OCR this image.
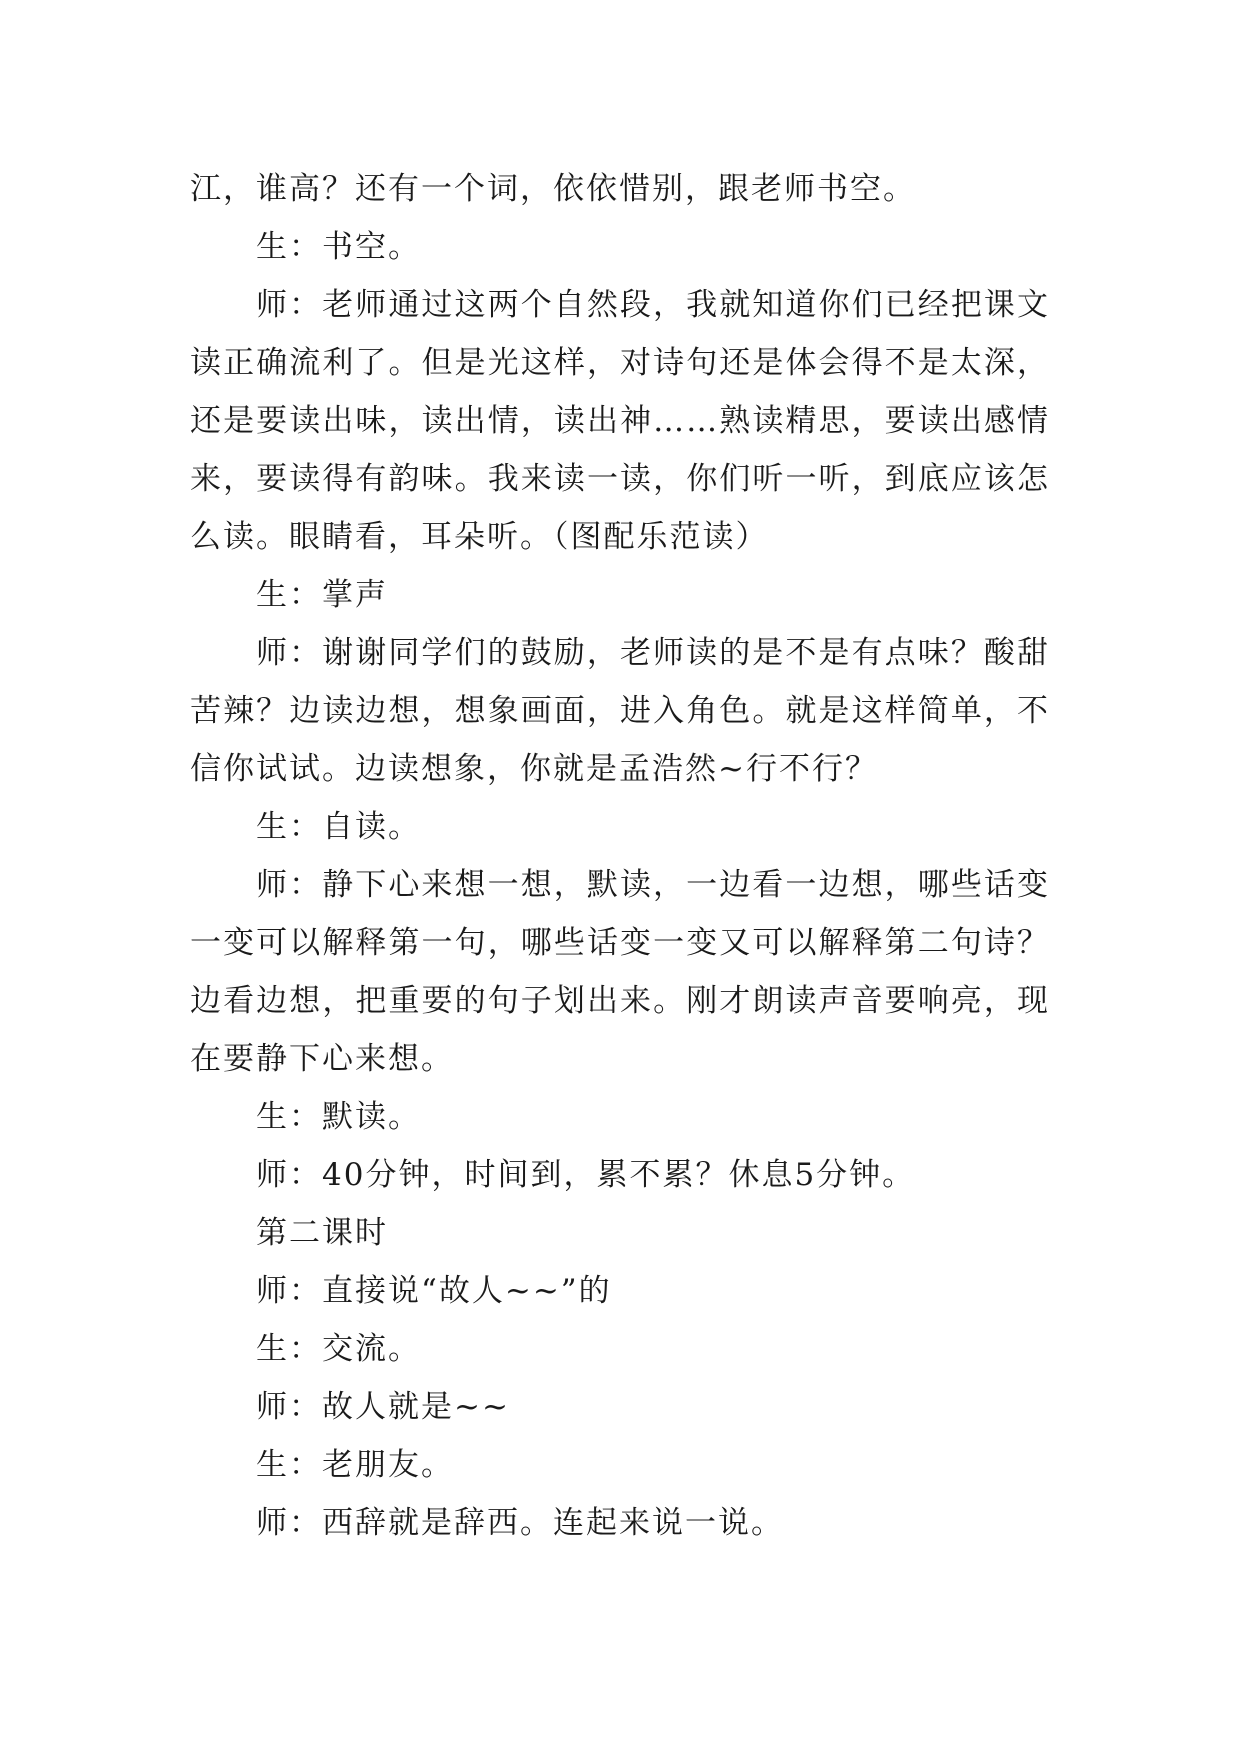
江，谁高？还有一个词，依依惜别，跟老师书空。

生：书空。

师：老师通过这两个自然段，我就知道你们已经把课文读正确流利了。但是光这样，对诗句还是体会得不是太深，还是要读出味，读出情，读出神……熟读精思，要读出感情来，要读得有韵味。我来读一读，你们听一听，到底应该怎么读。眼睛看，耳朵听。（图配乐范读）

生：掌声

师：谢谢同学们的鼓励，老师读的是不是有点味？酸甜苦辣？边读边想，想象画面，进入角色。就是这样简单，不信你试试。边读想象，你就是孟浩然~行不行？

生：自读。

师：静下心来想一想，默读，一边看一边想，哪些话变一变可以解释第一句，哪些话变一变又可以解释第二句诗？边看边想，把重要的句子划出来。刚才朗读声音要响亮，现在要静下心来想。

生：默读。

师：40分钟，时间到，累不累？休息5分钟。

第二课时

师：直接说“故人~~”的

生：交流。

师：故人就是~~

生：老朋友。

师：西辞就是辞西。连起来说一说。
